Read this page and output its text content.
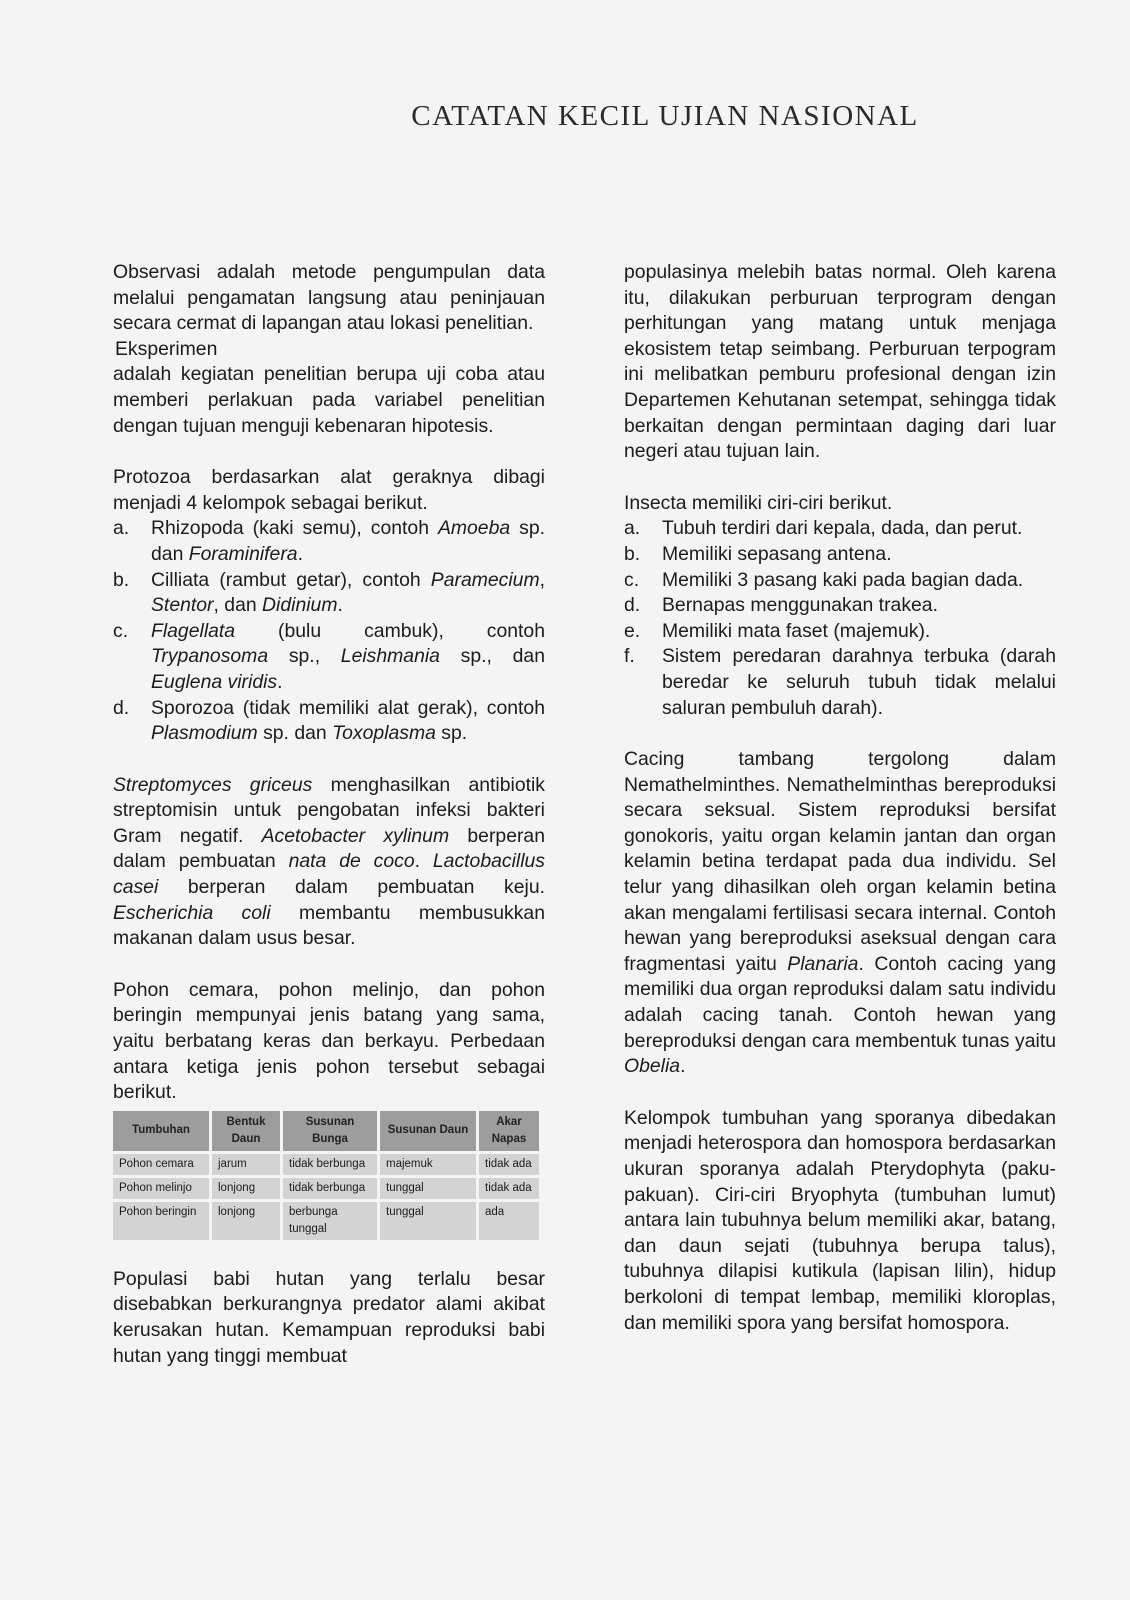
CATATAN KECIL UJIAN NASIONAL

Observasi adalah metode pengumpulan data melalui pengamatan langsung atau peninjauan secara cermat di lapangan atau lokasi penelitian.

Eksperimen

adalah kegiatan penelitian berupa uji coba atau memberi perlakuan pada variabel penelitian dengan tujuan menguji kebenaran hipotesis.

Protozoa berdasarkan alat geraknya dibagi menjadi 4 kelompok sebagai berikut.

a. Rhizopoda (kaki semu), contoh Amoeba sp. dan Foraminifera.
b. Cilliata (rambut getar), contoh Paramecium, Stentor, dan Didinium.
c. Flagellata (bulu cambuk), contoh Trypanosoma sp., Leishmania sp., dan Euglena viridis.
d. Sporozoa (tidak memiliki alat gerak), contoh Plasmodium sp. dan Toxoplasma sp.

Streptomyces griceus menghasilkan antibiotik streptomisin untuk pengobatan infeksi bakteri Gram negatif. Acetobacter xylinum berperan dalam pembuatan nata de coco. Lactobacillus casei berperan dalam pembuatan keju. Escherichia coli membantu membusukkan makanan dalam usus besar.

Pohon cemara, pohon melinjo, dan pohon beringin mempunyai jenis batang yang sama, yaitu berbatang keras dan berkayu. Perbedaan antara ketiga jenis pohon tersebut sebagai berikut.

Tumbuhan	Bentuk Daun	Susunan Bunga	Susunan Daun	Akar Napas
Pohon cemara	jarum	tidak berbunga	majemuk	tidak ada
Pohon melinjo	lonjong	tidak berbunga	tunggal	tidak ada
Pohon beringin	lonjong	berbunga tunggal	tunggal	ada

Populasi babi hutan yang terlalu besar disebabkan berkurangnya predator alami akibat kerusakan hutan. Kemampuan reproduksi babi hutan yang tinggi membuat

populasinya melebih batas normal. Oleh karena itu, dilakukan perburuan terprogram dengan perhitungan yang matang untuk menjaga ekosistem tetap seimbang. Perburuan terpogram ini melibatkan pemburu profesional dengan izin Departemen Kehutanan setempat, sehingga tidak berkaitan dengan permintaan daging dari luar negeri atau tujuan lain.

Insecta memiliki ciri-ciri berikut.

a. Tubuh terdiri dari kepala, dada, dan perut.
b. Memiliki sepasang antena.
c. Memiliki 3 pasang kaki pada bagian dada.
d. Bernapas menggunakan trakea.
e. Memiliki mata faset (majemuk).
f. Sistem peredaran darahnya terbuka (darah beredar ke seluruh tubuh tidak melalui saluran pembuluh darah).

Cacing tambang tergolong dalam Nemathelminthes. Nemathelminthas bereproduksi secara seksual. Sistem reproduksi bersifat gonokoris, yaitu organ kelamin jantan dan organ kelamin betina terdapat pada dua individu. Sel telur yang dihasilkan oleh organ kelamin betina akan mengalami fertilisasi secara internal. Contoh hewan yang bereproduksi aseksual dengan cara fragmentasi yaitu Planaria. Contoh cacing yang memiliki dua organ reproduksi dalam satu individu adalah cacing tanah. Contoh hewan yang bereproduksi dengan cara membentuk tunas yaitu Obelia.

Kelompok tumbuhan yang sporanya dibedakan menjadi heterospora dan homospora berdasarkan ukuran sporanya adalah Pterydophyta (paku-pakuan). Ciri-ciri Bryophyta (tumbuhan lumut) antara lain tubuhnya belum memiliki akar, batang, dan daun sejati (tubuhnya berupa talus), tubuhnya dilapisi kutikula (lapisan lilin), hidup berkoloni di tempat lembap, memiliki kloroplas, dan memiliki spora yang bersifat homospora.
